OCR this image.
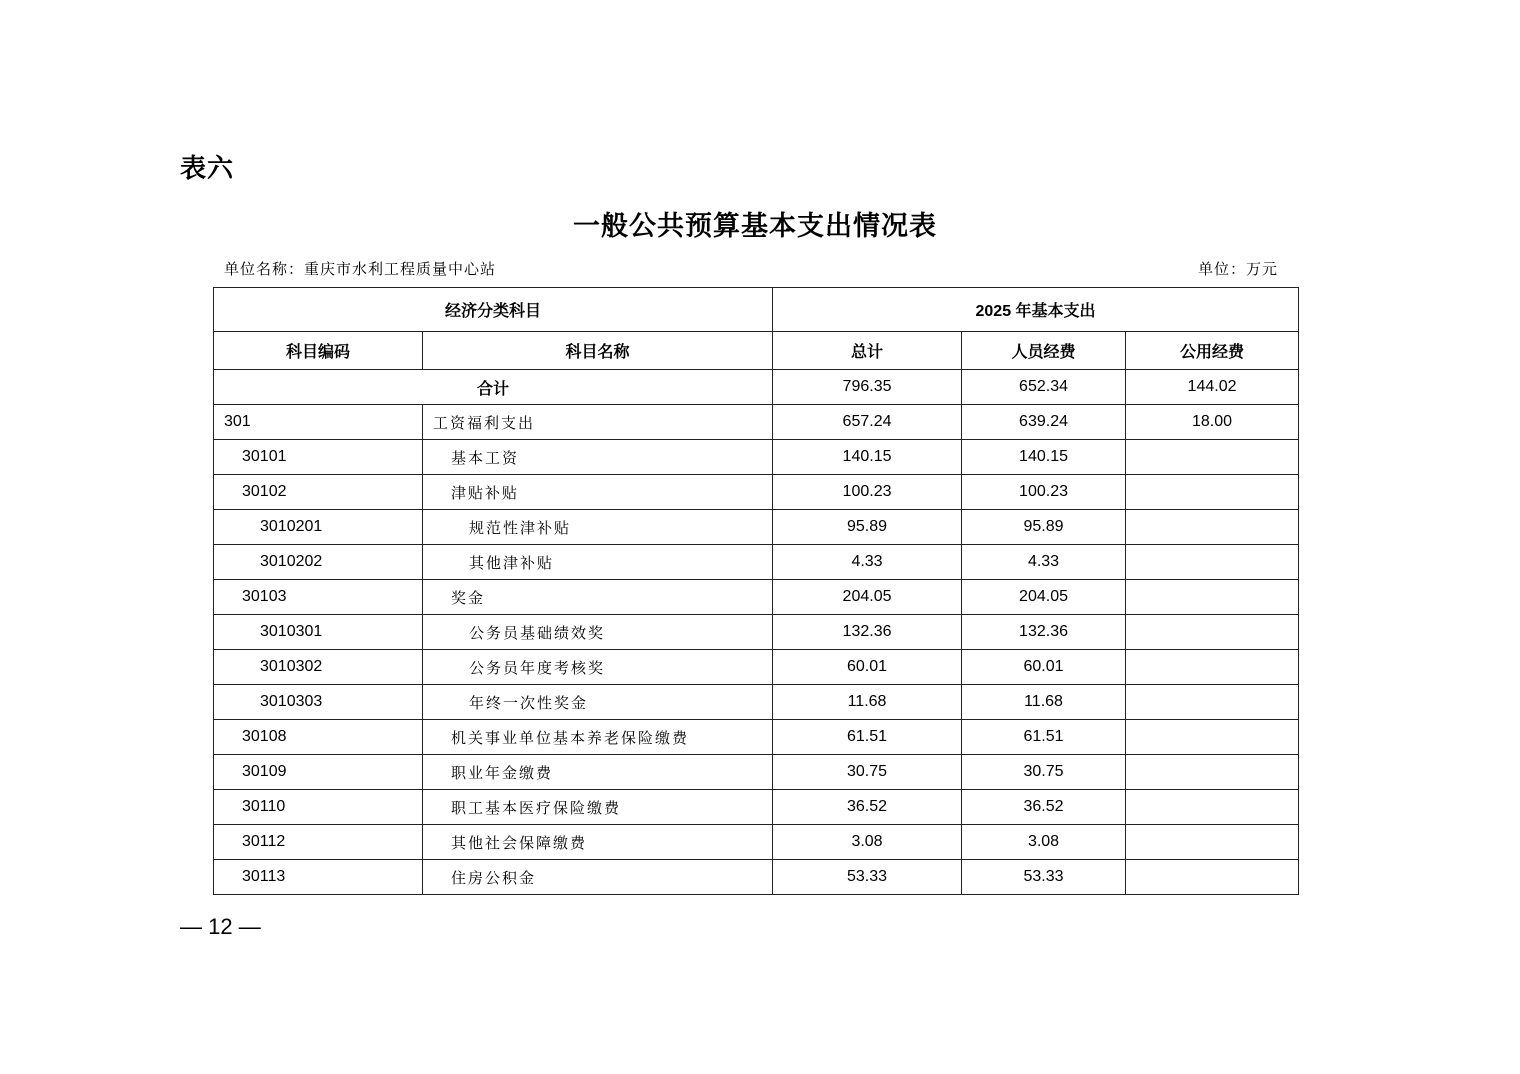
表六
一般公共预算基本支出情况表
单位名称：重庆市水利工程质量中心站	单位：万元
经济分类科目		2025 年基本支出		
科目编码	科目名称	总计	人员经费	公用经费
合计		796.35	652.34	144.02
301	工资福利支出	657.24	639.24	18.00
30101	基本工资	140.15	140.15	
30102	津贴补贴	100.23	100.23	
3010201	规范性津补贴	95.89	95.89	
3010202	其他津补贴	4.33	4.33	
30103	奖金	204.05	204.05	
3010301	公务员基础绩效奖	132.36	132.36	
3010302	公务员年度考核奖	60.01	60.01	
3010303	年终一次性奖金	11.68	11.68	
30108	机关事业单位基本养老保险缴费	61.51	61.51	
30109	职业年金缴费	30.75	30.75	
30110	职工基本医疗保险缴费	36.52	36.52	
30112	其他社会保障缴费	3.08	3.08	
30113	住房公积金	53.33	53.33	
— 12 —
